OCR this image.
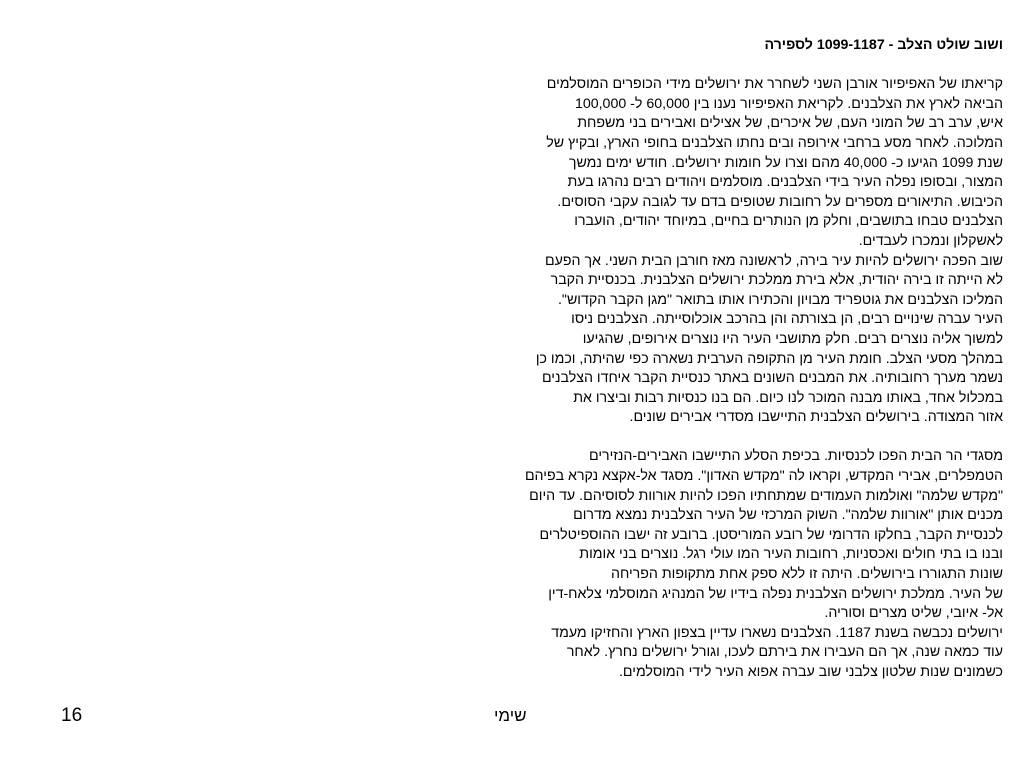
ושוב שולט הצלב - 1099-1187 לספירה
קריאתו של האפיפיור אורבן השני לשחרר את ירושלים מידי הכופרים המוסלמים
הביאה לארץ את הצלבנים. לקריאת האפיפיור נענו בין 60,000 ל- 100,000
איש, ערב רב של המוני העם, של איכרים, של אצילים ואבירים בני משפחת
המלוכה. לאחר מסע ברחבי אירופה ובים נחתו הצלבנים בחופי הארץ, ובקיץ של
שנת 1099 הגיעו כ- 40,000 מהם וצרו על חומות ירושלים. חודש ימים נמשך
המצור, ובסופו נפלה העיר בידי הצלבנים. מוסלמים ויהודים רבים נהרגו בעת
הכיבוש. התיאורים מספרים על רחובות שטופים בדם עד לגובה עקבי הסוסים.
הצלבנים טבחו בתושבים, וחלק מן הנותרים בחיים, במיוחד יהודים, הועברו
לאשקלון ונמכרו לעבדים.
שוב הפכה ירושלים להיות עיר בירה, לראשונה מאז חורבן הבית השני. אך הפעם
לא הייתה זו בירה יהודית, אלא בירת ממלכת ירושלים הצלבנית. בכנסיית הקבר
המליכו הצלבנים את גוטפריד מבויון והכתירו אותו בתואר "מגן הקבר הקדוש".
העיר עברה שינויים רבים, הן בצורתה והן בהרכב אוכלוסייתה. הצלבנים ניסו
למשוך אליה נוצרים רבים. חלק מתושבי העיר היו נוצרים אירופים, שהגיעו
במהלך מסעי הצלב. חומת העיר מן התקופה הערבית נשארה כפי שהיתה, וכמו כן
נשמר מערך רחובותיה. את המבנים השונים באתר כנסיית הקבר איחדו הצלבנים
במכלול אחד, באותו מבנה המוכר לנו כיום. הם בנו כנסיות רבות וביצרו את
אזור המצודה. בירושלים הצלבנית התיישבו מסדרי אבירים שונים.
מסגדי הר הבית הפכו לכנסיות. בכיפת הסלע התיישבו האבירים-הנזירים
הטמפלרים, אבירי המקדש, וקראו לה "מקדש האדון". מסגד אל-אקצא נקרא בפיהם
"מקדש שלמה" ואולמות העמודים שמתחתיו הפכו להיות אורוות לסוסיהם. עד היום
מכנים אותן "אורוות שלמה". השוק המרכזי של העיר הצלבנית נמצא מדרום
לכנסיית הקבר, בחלקו הדרומי של רובע המוריסטן. ברובע זה ישבו ההוספיטלרים
ובנו בו בתי חולים ואכסניות, רחובות העיר המו עולי רגל. נוצרים בני אומות
שונות התגוררו בירושלים. היתה זו ללא ספק אחת מתקופות הפריחה
של העיר. ממלכת ירושלים הצלבנית נפלה בידיו של המנהיג המוסלמי צלאח-דין
אל- איובי, שליט מצרים וסוריה.
ירושלים נכבשה בשנת 1187. הצלבנים נשארו עדיין בצפון הארץ והחזיקו מעמד
עוד כמאה שנה, אך הם העבירו את בירתם לעכו, וגורל ירושלים נחרץ. לאחר
כשמונים שנות שלטון צלבני שוב עברה אפוא העיר לידי המוסלמים.
שימי
16
